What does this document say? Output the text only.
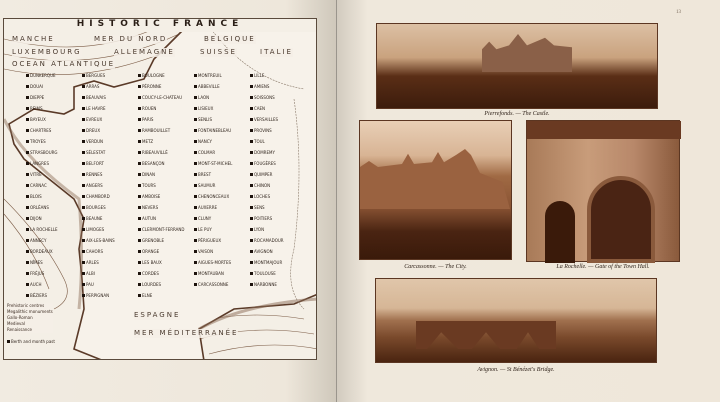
HISTORIC FRANCE
MANCHE	MER DU NORD	BELGIQUE
LUXEMBOURG	ALLEMAGNE	SUISSE	ITALIE
OCEAN ATLANTIQUE
ESPAGNE
MER MÉDITERRANÉE
DUNKERQUE	BERGUES	BOULOGNE	MONTREUIL	LILLE
DOUAI	ARRAS	PÉRONNE	ABBEVILLE	AMIENS
DIEPPE	BEAUVAIS	COUCY-LE-CHATEAU	LAON	SOISSONS
REIMS	LE HAVRE	ROUEN	LISIEUX	CAEN
BAYEUX	EVREUX	PARIS	SENLIS	VERSAILLES
CHARTRES	DREUX	RAMBOUILLET	FONTAINEBLEAU	PROVINS
TROYES	VERDUN	METZ	NANCY	TOUL
STRASBOURG	SÉLESTAT	RIBEAUVILLÉ	COLMAR	DOMREMY
LANGRES	BELFORT	BESANÇON	MONT-ST-MICHEL	FOUGÈRES
VITRÉ	RENNES	DINAN	BREST	QUIMPER
CARNAC	ANGERS	TOURS	SAUMUR	CHINON
BLOIS	CHAMBORD	AMBOISE	CHENONCEAUX	LOCHES
ORLÉANS	BOURGES	NEVERS	AUXERRE	SENS
DIJON	BEAUNE	AUTUN	CLUNY	POITIERS
LA ROCHELLE	LIMOGES	CLERMONT-FERRAND	LE PUY	LYON
ANNECY	AIX-LES-BAINS	GRENOBLE	PÉRIGUEUX	ROCAMADOUR
BORDEAUX	CAHORS	ORANGE	VAISON	AVIGNON
NÎMES	ARLES	LES BAUX	AIGUES-MORTES	MONTMAJOUR
FRÉJUS	ALBI	CORDES	MONTAUBAN	TOULOUSE
AUCH	PAU	LOURDES	CARCASSONNE	NARBONNE
BÉZIERS	PERPIGNAN	ELNE
Prehistoric centres
Megalithic monuments
Gallo-Roman
Medieval
Renaissance
Berth and month past
13
Pierrefonds. — The Castle.
Carcassonne. — The City.	La Rochelle. — Gate of the Town Hall.
Avignon. — St Bénézet's Bridge.
